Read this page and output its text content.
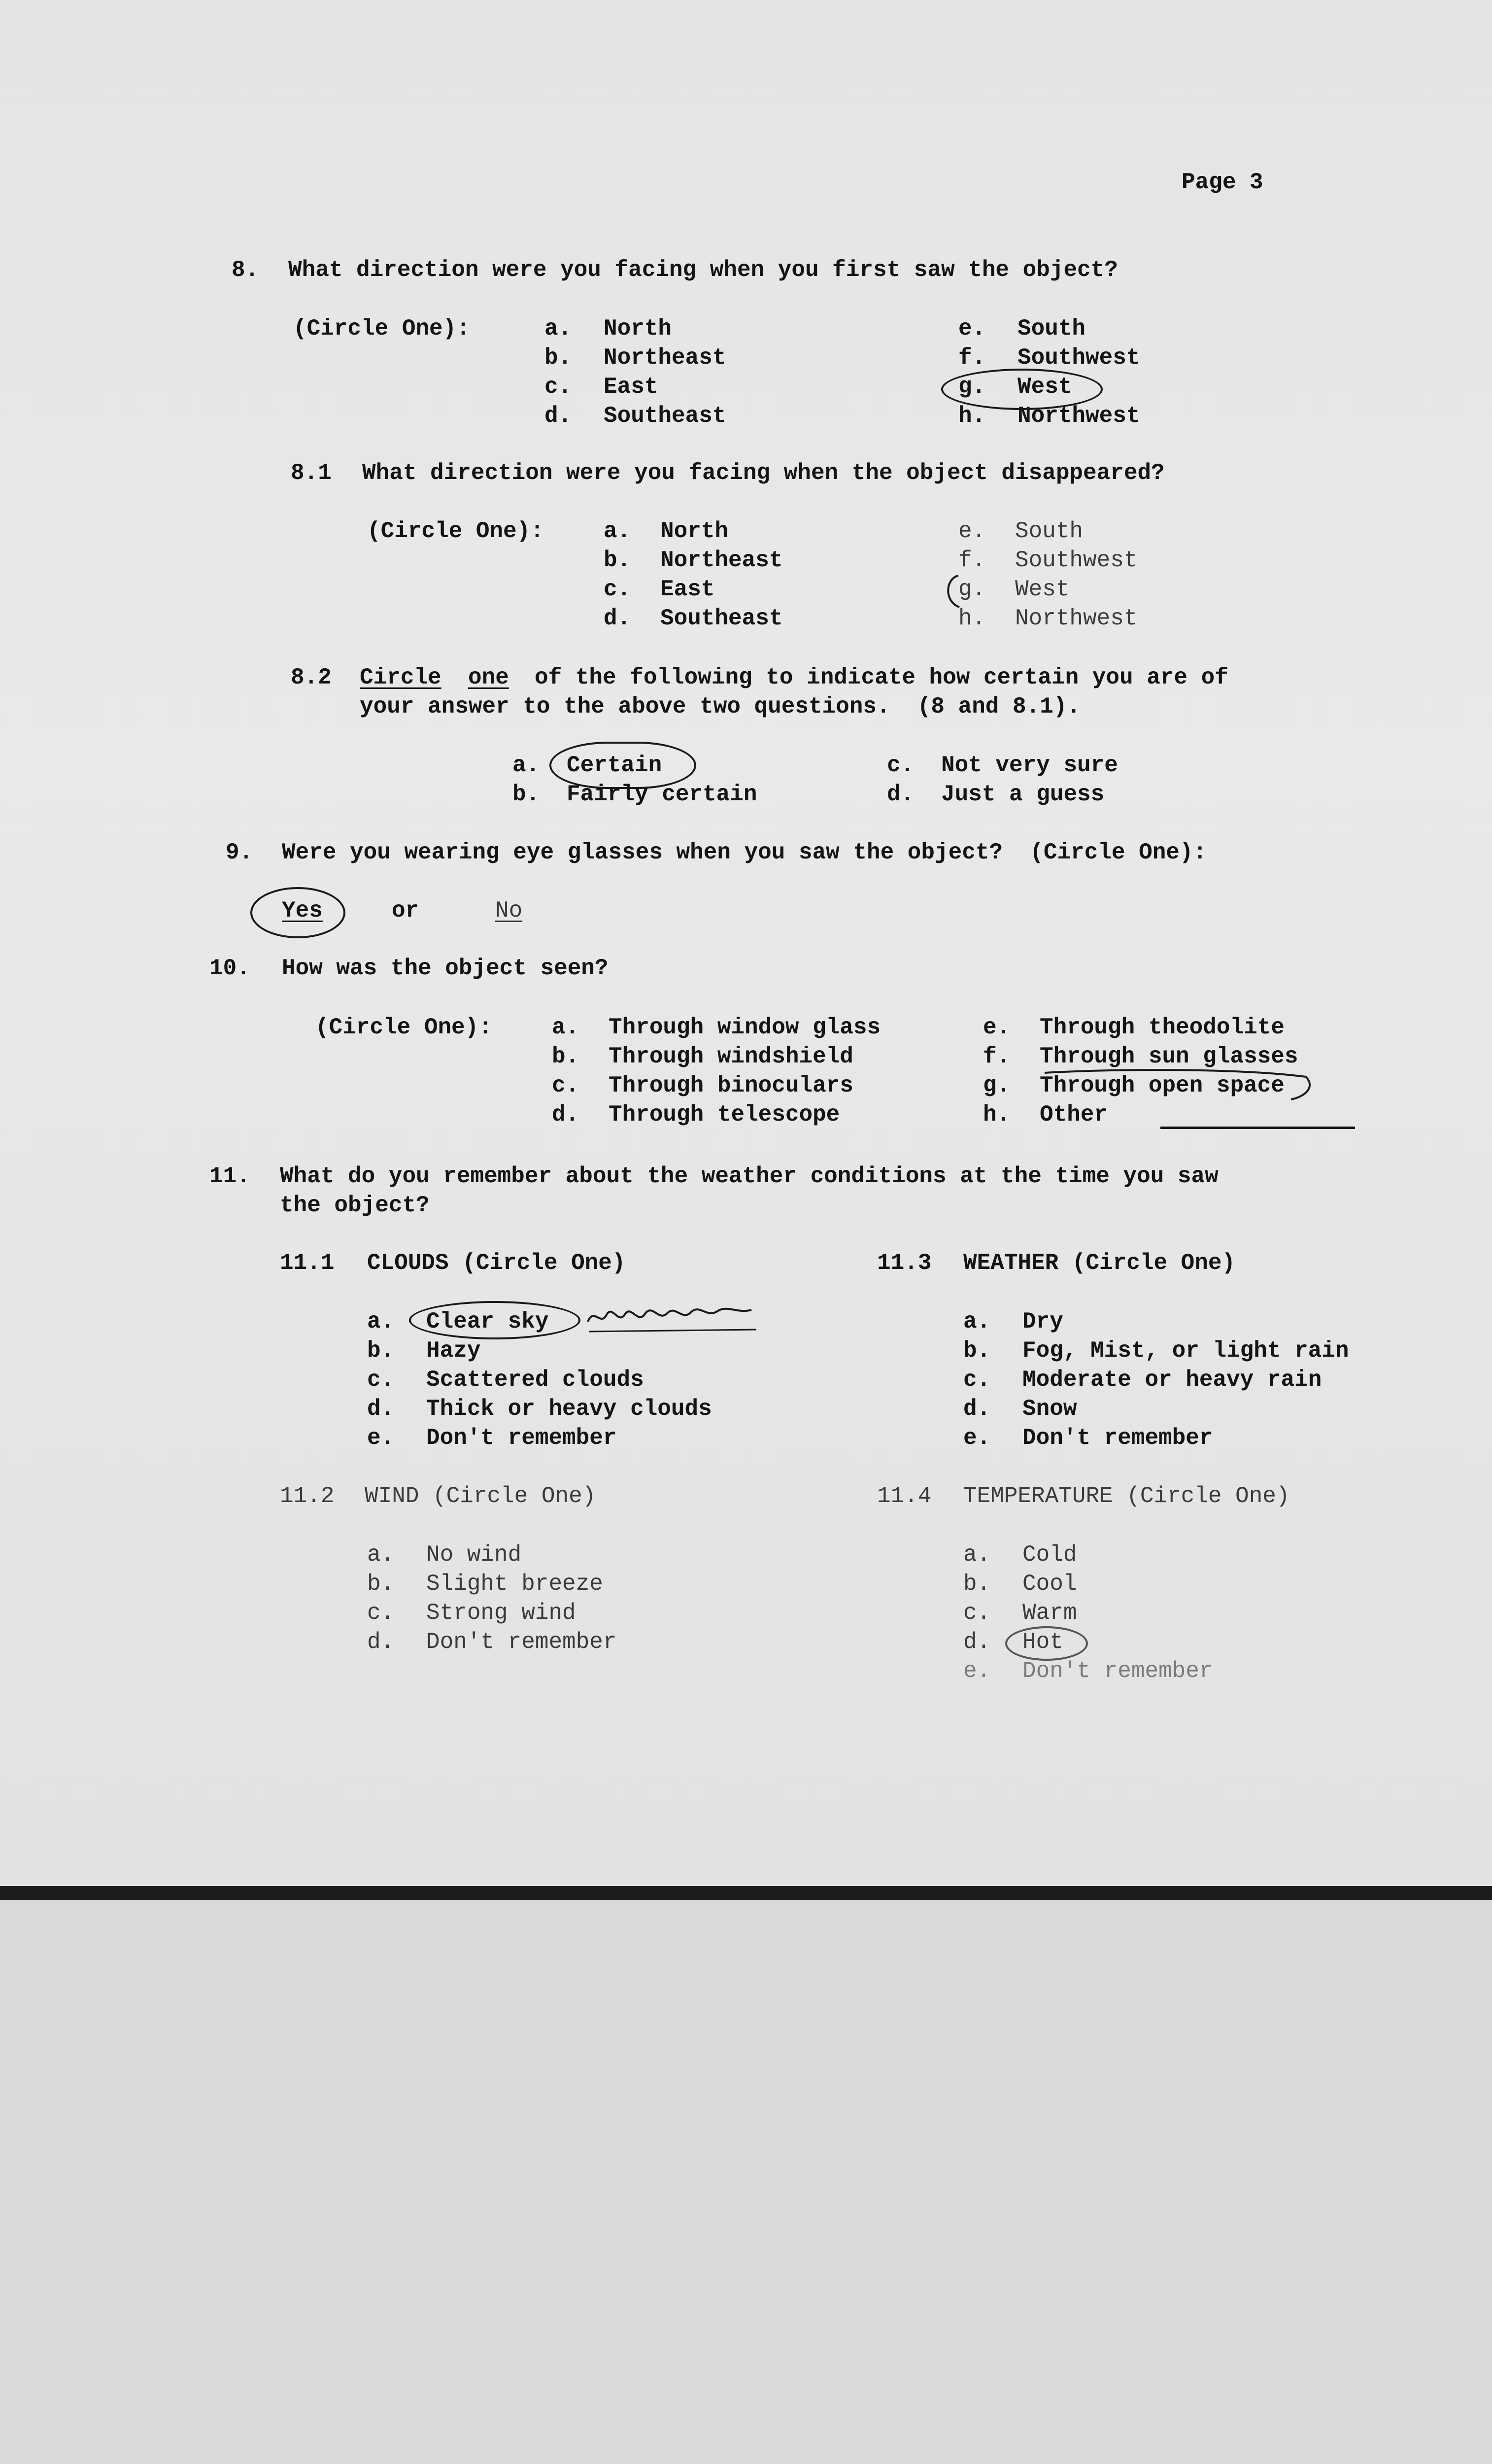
Page 3

8.

What direction were you facing when you first saw the object?

(Circle One):

	a.

North

b.

Northeast

c.

East

d.

Southeast

e.

South

f.

Southwest

g.

West

h.

Northwest

8.1

What direction were you facing when the object disappeared?

(Circle One):

	a.

North

b.

Northeast

c.

East

d.

Southeast

e.

South

f.

Southwest

g.

West

h.

Northwest

8.2

Circle

one

of the following to indicate how certain you are of

your answer to the above two questions.  (8 and 8.1).

a.

Certain

b.

Fairly certain

c.

Not very sure

d.

Just a guess

9.

Were you wearing eye glasses when you saw the object?  (Circle One):

Yes

	or

	No

10.

How was the object seen?

(Circle One):

	a.

Through window glass

b.

Through windshield

c.

Through binoculars

d.

Through telescope

e.

Through theodolite

f.

Through sun glasses

g.

Through open space

h.

Other

11.

What do you remember about the weather conditions at the time you saw

the object?

11.1

CLOUDS (Circle One)

a.

Clear sky

b.

Hazy

c.

Scattered clouds

d.

Thick or heavy clouds

e.

Don't remember

11.3

WEATHER (Circle One)

a.

Dry

b.

Fog, Mist, or light rain

c.

Moderate or heavy rain

d.

Snow

e.

Don't remember

11.2

WIND (Circle One)

a.

No wind

b.

Slight breeze

c.

Strong wind

d.

Don't remember

11.4

TEMPERATURE (Circle One)

a.

Cold

b.

Cool

c.

Warm

d.

Hot

e.

Don't remember
